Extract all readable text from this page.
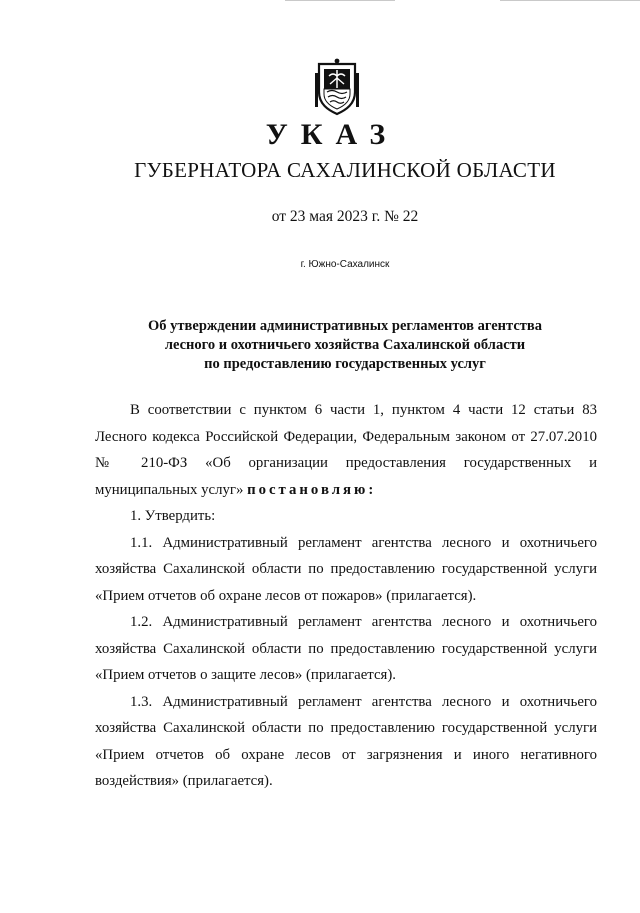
УКАЗ
ГУБЕРНАТОРА САХАЛИНСКОЙ ОБЛАСТИ
от 23 мая 2023 г. № 22
г. Южно-Сахалинск
Об утверждении административных регламентов агентства
лесного и охотничьего хозяйства Сахалинской области
по предоставлению государственных услуг
В соответствии с пунктом 6 части 1, пунктом 4 части 12 статьи 83
Лесного кодекса Российской Федерации, Федеральным законом от 27.07.2010
№ 210-ФЗ «Об организации предоставления государственных и
муниципальных услуг» постановляю:
1. Утвердить:
1.1. Административный регламент агентства лесного и охотничьего
хозяйства Сахалинской области по предоставлению государственной услуги
«Прием отчетов об охране лесов от пожаров» (прилагается).
1.2. Административный регламент агентства лесного и охотничьего
хозяйства Сахалинской области по предоставлению государственной услуги
«Прием отчетов о защите лесов» (прилагается).
1.3. Административный регламент агентства лесного и охотничьего
хозяйства Сахалинской области по предоставлению государственной услуги
«Прием отчетов об охране лесов от загрязнения и иного негативного
воздействия» (прилагается).
